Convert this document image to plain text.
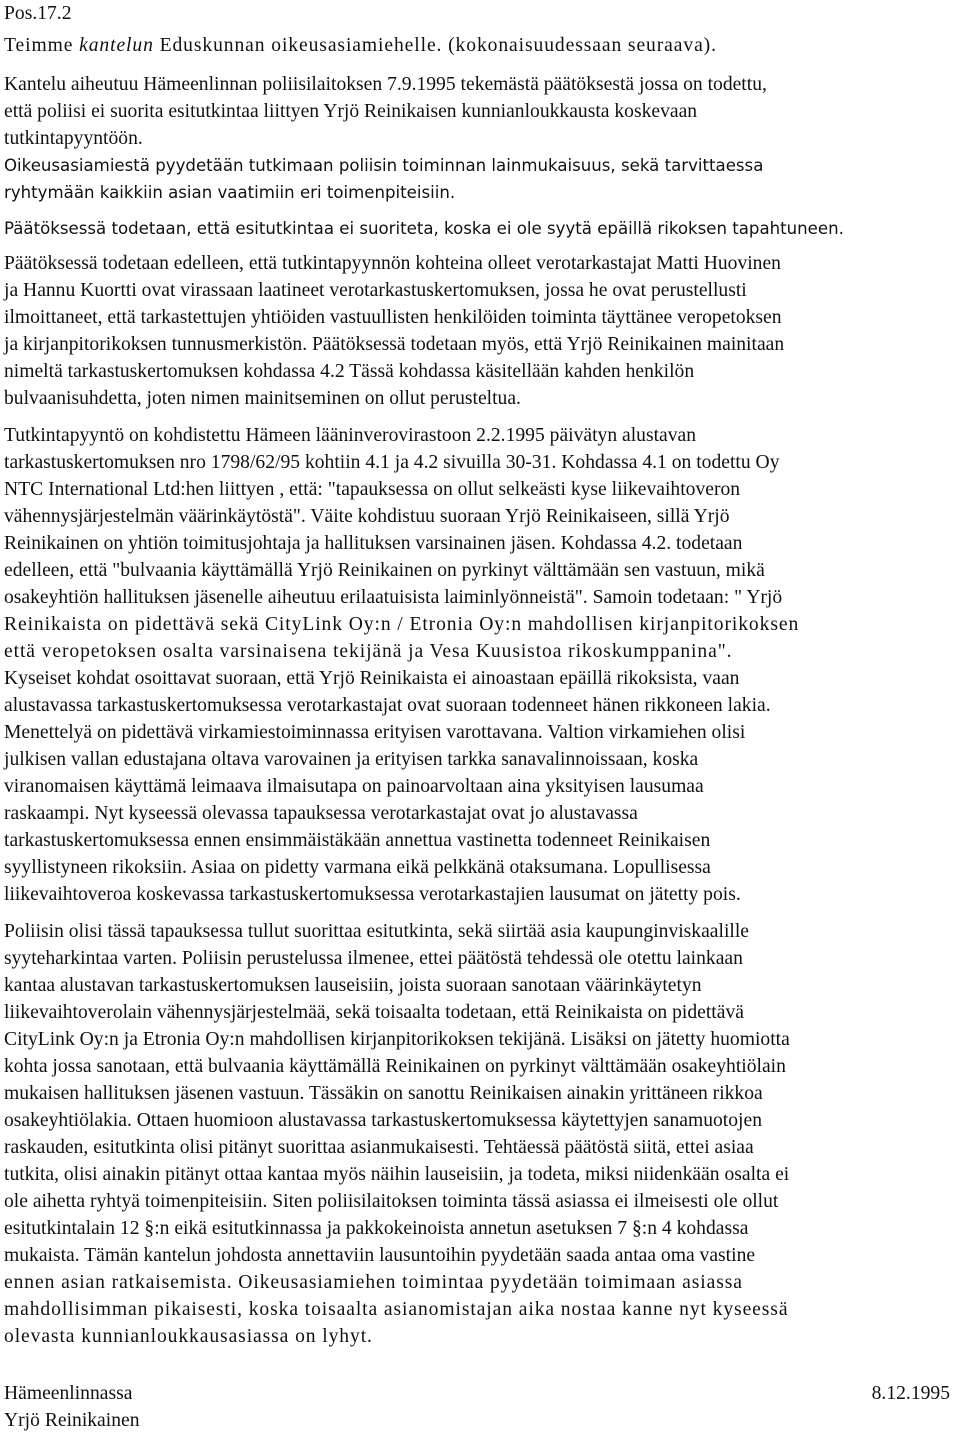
Pos.17.2
Teimme kantelun Eduskunnan oikeusasiamiehelle. (kokonaisuudessaan seuraava).
Kantelu aiheutuu Hämeenlinnan poliisilaitoksen 7.9.1995 tekemästä päätöksestä jossa on todettu,
että poliisi ei suorita esitutkintaa liittyen Yrjö Reinikaisen kunnianloukkausta koskevaan
tutkintapyyntöön.
Oikeusasiamiestä pyydetään tutkimaan poliisin toiminnan lainmukaisuus, sekä tarvittaessa
ryhtymään kaikkiin asian vaatimiin eri toimenpiteisiin.
Päätöksessä todetaan, että esitutkintaa ei suoriteta, koska ei ole syytä epäillä rikoksen tapahtuneen.
Päätöksessä todetaan edelleen, että tutkintapyynnön kohteina olleet verotarkastajat Matti Huovinen
ja Hannu Kuortti ovat virassaan laatineet verotarkastuskertomuksen, jossa he ovat perustellusti
ilmoittaneet, että tarkastettujen yhtiöiden vastuullisten henkilöiden toiminta täyttänee veropetoksen
ja kirjanpitorikoksen tunnusmerkistön. Päätöksessä todetaan myös, että Yrjö Reinikainen mainitaan
nimeltä tarkastuskertomuksen kohdassa 4.2 Tässä kohdassa käsitellään kahden henkilön
bulvaanisuhdetta, joten nimen mainitseminen on ollut perusteltua.
Tutkintapyyntö on kohdistettu Hämeen lääninverovirastoon 2.2.1995 päivätyn alustavan
tarkastuskertomuksen nro 1798/62/95 kohtiin 4.1 ja 4.2 sivuilla 30-31. Kohdassa 4.1 on todettu Oy
NTC International Ltd:hen liittyen , että: "tapauksessa on ollut selkeästi kyse liikevaihtoveron
vähennysjärjestelmän väärinkäytöstä". Väite kohdistuu suoraan Yrjö Reinikaiseen, sillä Yrjö
Reinikainen on yhtiön toimitusjohtaja ja hallituksen varsinainen jäsen. Kohdassa 4.2. todetaan
edelleen, että "bulvaania käyttämällä Yrjö Reinikainen on pyrkinyt välttämään sen vastuun, mikä
osakeyhtiön hallituksen jäsenelle aiheutuu erilaatuisista laiminlyönneistä". Samoin todetaan: " Yrjö
Reinikaista on pidettävä sekä CityLink Oy:n / Etronia Oy:n mahdollisen kirjanpitorikoksen
että veropetoksen osalta varsinaisena tekijänä ja Vesa Kuusistoa rikoskumppanina".
Kyseiset kohdat osoittavat suoraan, että Yrjö Reinikaista ei ainoastaan epäillä rikoksista, vaan
alustavassa tarkastuskertomuksessa verotarkastajat ovat suoraan todenneet hänen rikkoneen lakia.
Menettelyä on pidettävä virkamiestoiminnassa erityisen varottavana. Valtion virkamiehen olisi
julkisen vallan edustajana oltava varovainen ja erityisen tarkka sanavalinnoissaan, koska
viranomaisen käyttämä leimaava ilmaisutapa on painoarvoltaan aina yksityisen lausumaa
raskaampi. Nyt kyseessä olevassa tapauksessa verotarkastajat ovat jo alustavassa
tarkastuskertomuksessa ennen ensimmäistäkään annettua vastinetta todenneet Reinikaisen
syyllistyneen rikoksiin. Asiaa on pidetty varmana eikä pelkkänä otaksumana. Lopullisessa
liikevaihtoveroa koskevassa tarkastuskertomuksessa verotarkastajien lausumat on jätetty pois.
Poliisin olisi tässä tapauksessa tullut suorittaa esitutkinta, sekä siirtää asia kaupunginviskaalille
syyteharkintaa varten. Poliisin perustelussa ilmenee, ettei päätöstä tehdessä ole otettu lainkaan
kantaa alustavan tarkastuskertomuksen lauseisiin, joista suoraan sanotaan väärinkäytetyn
liikevaihtoverolain vähennysjärjestelmää, sekä toisaalta todetaan, että Reinikaista on pidettävä
CityLink Oy:n ja Etronia Oy:n mahdollisen kirjanpitorikoksen tekijänä. Lisäksi on jätetty huomiotta
kohta jossa sanotaan, että bulvaania käyttämällä Reinikainen on pyrkinyt välttämään osakeyhtiölain
mukaisen hallituksen jäsenen vastuun. Tässäkin on sanottu Reinikaisen ainakin yrittäneen rikkoa
osakeyhtiölakia. Ottaen huomioon alustavassa tarkastuskertomuksessa käytettyjen sanamuotojen
raskauden, esitutkinta olisi pitänyt suorittaa asianmukaisesti. Tehtäessä päätöstä siitä, ettei asiaa
tutkita, olisi ainakin pitänyt ottaa kantaa myös näihin lauseisiin, ja todeta, miksi niidenkään osalta ei
ole aihetta ryhtyä toimenpiteisiin. Siten poliisilaitoksen toiminta tässä asiassa ei ilmeisesti ole ollut
esitutkintalain 12 §:n eikä esitutkinnassa ja pakkokeinoista annetun asetuksen 7 §:n 4 kohdassa
mukaista. Tämän kantelun johdosta annettaviin lausuntoihin pyydetään saada antaa oma vastine
ennen asian ratkaisemista. Oikeusasiamiehen toimintaa pyydetään toimimaan asiassa
mahdollisimman pikaisesti, koska toisaalta asianomistajan aika nostaa kanne nyt kyseessä
olevasta kunnianloukkausasiassa on lyhyt.
Hämeenlinnassa	8.12.1995
Yrjö Reinikainen
